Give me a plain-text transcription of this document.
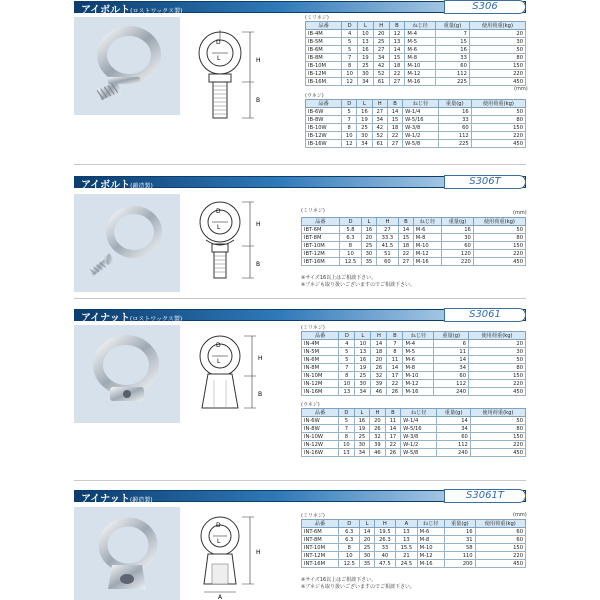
アイボルト(ロストワックス製)	S306
D
L	H
B
(ミリネジ)
品番	D	L	H	B	ねじ径	重量(g)	使用荷重(kg)
IB-4M	4	10	20	12	M-4	7	20
IB-5M	5	13	25	13	M-5	15	30
IB-6M	5	16	27	14	M-6	16	50
IB-8M	7	19	34	15	M-8	33	80
IB-10M	8	25	42	18	M-10	60	150
IB-12M	10	30	52	22	M-12	112	220
IB-16M	12	34	61	27	M-16	225	450
(mm)
(ウネジ)
品番	D	L	H	B	ねじ径	重量(g)	使用荷重(kg)
IB-6W	5	16	27	14	W-1/4	16	50
IB-8W	7	19	34	15	W-5/16	33	80
IB-10W	8	25	42	18	W-3/8	60	150
IB-12W	10	30	52	22	W-1/2	112	220
IB-16W	12	34	61	27	W-5/8	225	450
アイボルト(鍛造製)	S306T
D
L	H
B
(ミリネジ)	(mm)
品番	D	L	H	B	ねじ径	重量(g)	使用荷重(kg)
IBT-6M	5.8	16	27	14	M-6	16	50
IBT-8M	6.3	20	33.3	15	M-8	30	80
IBT-10M	8	25	41.5	18	M-10	60	150
IBT-12M	10	30	51	22	M-12	120	220
IBT-16M	12.5	35	60	27	M-16	220	450
※サイズ16以上はご相談下さい。
※ブネジも取り扱いございますのでご相談下さい。
アイナット(ロストワックス製)	S3061
D
L	H
B
(ミリネジ)
品番	D	L	H	B	ねじ径	重量(g)	使用荷重(kg)
IN-4M	4	10	14	7	M-4	6	20
IN-5M	5	13	18	8	M-5	11	30
IN-6M	5	16	20	11	M-6	14	50
IN-8M	7	19	26	14	M-8	34	80
IN-10M	8	25	32	17	M-10	60	150
IN-12M	10	30	39	22	M-12	112	220
IN-16M	13	34	46	26	M-16	240	450
(ウネジ)
品番	D	L	H	B	ねじ径	重量(g)	使用荷重(kg)
IN-6W	5	16	20	11	W-1/4	14	50
IN-8W	7	19	26	14	W-5/16	34	80
IN-10W	8	25	32	17	W-3/8	60	150
IN-12W	10	30	39	22	W-1/2	112	220
IN-16W	13	34	46	26	W-5/8	240	450
アイナット(鍛造製)	S3061T
D
L
H
A
(ミリネジ)	(mm)
品番	D	L	H	A	ねじ径	重量(g)	使用荷重(kg)
INT-6M	6.3	14	19.5	13	M-6	16	60
INT-8M	6.3	20	26.3	13	M-8	31	60
INT-10M	8	25	33	15.5	M-10	58	150
INT-12M	10	30	40	21	M-12	110	220
INT-16M	12.5	35	47.5	24.5	M-16	200	450
※サイズ16以上はご相談下さい。
※ブネジも取り扱いございますのでご相談下さい。
